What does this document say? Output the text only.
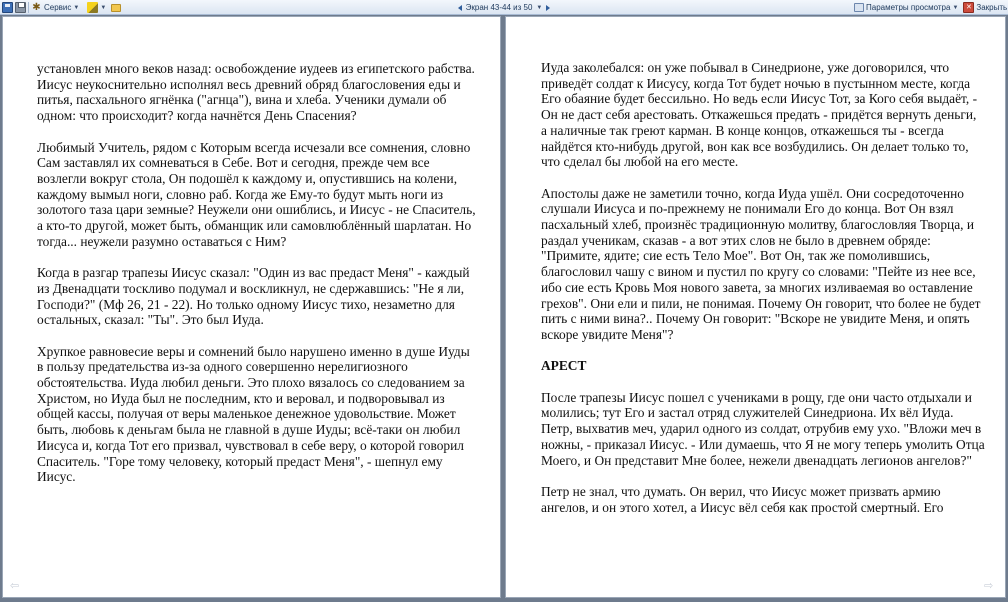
✱ Сервис ▼	▼	Экран 43-44 из 50 ▼	Параметры просмотра ▼	✕ Закрыть

установлен много веков назад: освобождение иудеев из египетского рабства. Иисус неукоснительно исполнял весь древний обряд благословения еды и питья, пасхального ягнёнка ("агнца"), вина и хлеба. Ученики думали об одном: что происходит? когда начнётся День Спасения?

Любимый Учитель, рядом с Которым всегда исчезали все сомнения, словно Сам заставлял их сомневаться в Себе. Вот и сегодня, прежде чем все возлегли вокруг стола, Он подошёл к каждому и, опустившись на колени, каждому вымыл ноги, словно раб. Когда же Ему-то будут мыть ноги из золотого таза цари земные? Неужели они ошиблись, и Иисус - не Спаситель, а кто-то другой, может быть, обманщик или самовлюблённый шарлатан. Но тогда... неужели разумно оставаться с Ним?

Когда в разгар трапезы Иисус сказал: "Один из вас предаст Меня" - каждый из Двенадцати тоскливо подумал и воскликнул, не сдержавшись: "Не я ли, Господи?" (Мф 26, 21 - 22). Но только одному Иисус тихо, незаметно для остальных, сказал: "Ты". Это был Иуда.

Хрупкое равновесие веры и сомнений было нарушено именно в душе Иуды в пользу предательства из-за одного совершенно нерелигиозного обстоятельства. Иуда любил деньги. Это плохо вязалось со следованием за Христом, но Иуда был не последним, кто и веровал, и подворовывал из общей кассы, получая от веры маленькое денежное удовольствие. Может быть, любовь к деньгам была не главной в душе Иуды; всё-таки он любил Иисуса и, когда Тот его призвал, чувствовал в себе веру, о которой говорил Спаситель. "Горе тому человеку, который предаст Меня", - шепнул ему Иисус.

⇦

Иуда заколебался: он уже побывал в Синедрионе, уже договорился, что приведёт солдат к Иисусу, когда Тот будет ночью в пустынном месте, когда Его обаяние будет бессильно. Но ведь если Иисус Тот, за Кого себя выдаёт, - Он не даст себя арестовать. Откажешься предать - придётся вернуть деньги, а наличные так греют карман. В конце концов, откажешься ты - всегда найдётся кто-нибудь другой, вон как все возбудились. Он делает только то, что сделал бы любой на его месте.

Апостолы даже не заметили точно, когда Иуда ушёл. Они сосредоточенно слушали Иисуса и по-прежнему не понимали Его до конца. Вот Он взял пасхальный хлеб, произнёс традиционную молитву, благословляя Творца, и раздал ученикам, сказав - а вот этих слов не было в древнем обряде: "Примите, ядите; сие есть Тело Мое". Вот Он, так же помолившись, благословил чашу с вином и пустил по кругу со словами: "Пейте из нее все, ибо сие есть Кровь Моя нового завета, за многих изливаемая во оставление грехов". Они ели и пили, не понимая. Почему Он говорит, что более не будет пить с ними вина?.. Почему Он говорит: "Вскоре не увидите Меня, и опять вскоре увидите Меня"?

АРЕСТ

После трапезы Иисус пошел с учениками в рощу, где они часто отдыхали и молились; тут Его и застал отряд служителей Синедриона. Их вёл Иуда. Петр, выхватив меч, ударил одного из солдат, отрубив ему ухо. "Вложи меч в ножны, - приказал Иисус. - Или думаешь, что Я не могу теперь умолить Отца Моего, и Он представит Мне более, нежели двенадцать легионов ангелов?"

Петр не знал, что думать. Он верил, что Иисус может призвать армию ангелов, и он этого хотел, а Иисус вёл себя как простой смертный. Его

⇨
